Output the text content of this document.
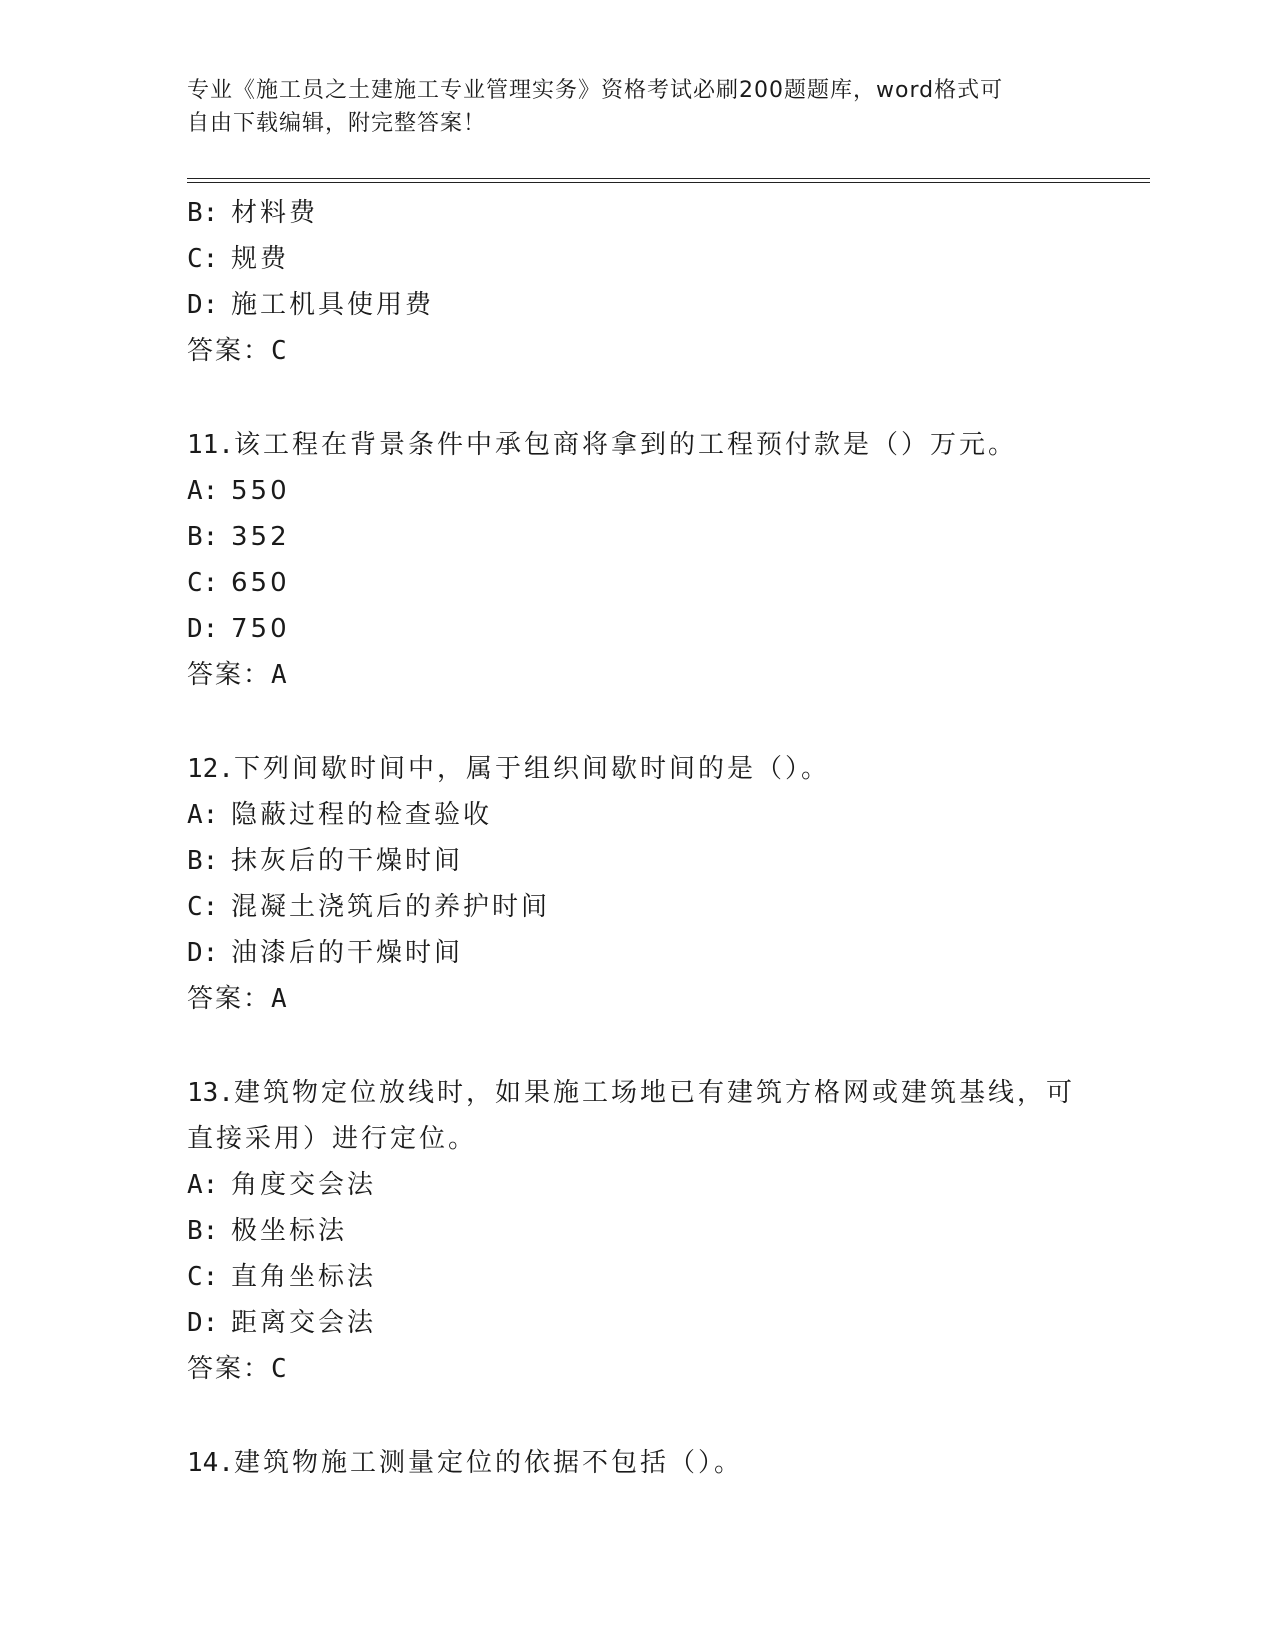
专业《施工员之土建施工专业管理实务》资格考试必刷200题题库，word格式可
自由下载编辑，附完整答案！
B: 材料费
C: 规费
D: 施工机具使用费
答案：C
11.该工程在背景条件中承包商将拿到的工程预付款是（）万元。
A: 550
B: 352
C: 650
D: 750
答案：A
12.下列间歇时间中，属于组织间歇时间的是（）。
A: 隐蔽过程的检查验收
B: 抹灰后的干燥时间
C: 混凝土浇筑后的养护时间
D: 油漆后的干燥时间
答案：A
13.建筑物定位放线时，如果施工场地已有建筑方格网或建筑基线，可
直接采用）进行定位。
A: 角度交会法
B: 极坐标法
C: 直角坐标法
D: 距离交会法
答案：C
14.建筑物施工测量定位的依据不包括（）。
